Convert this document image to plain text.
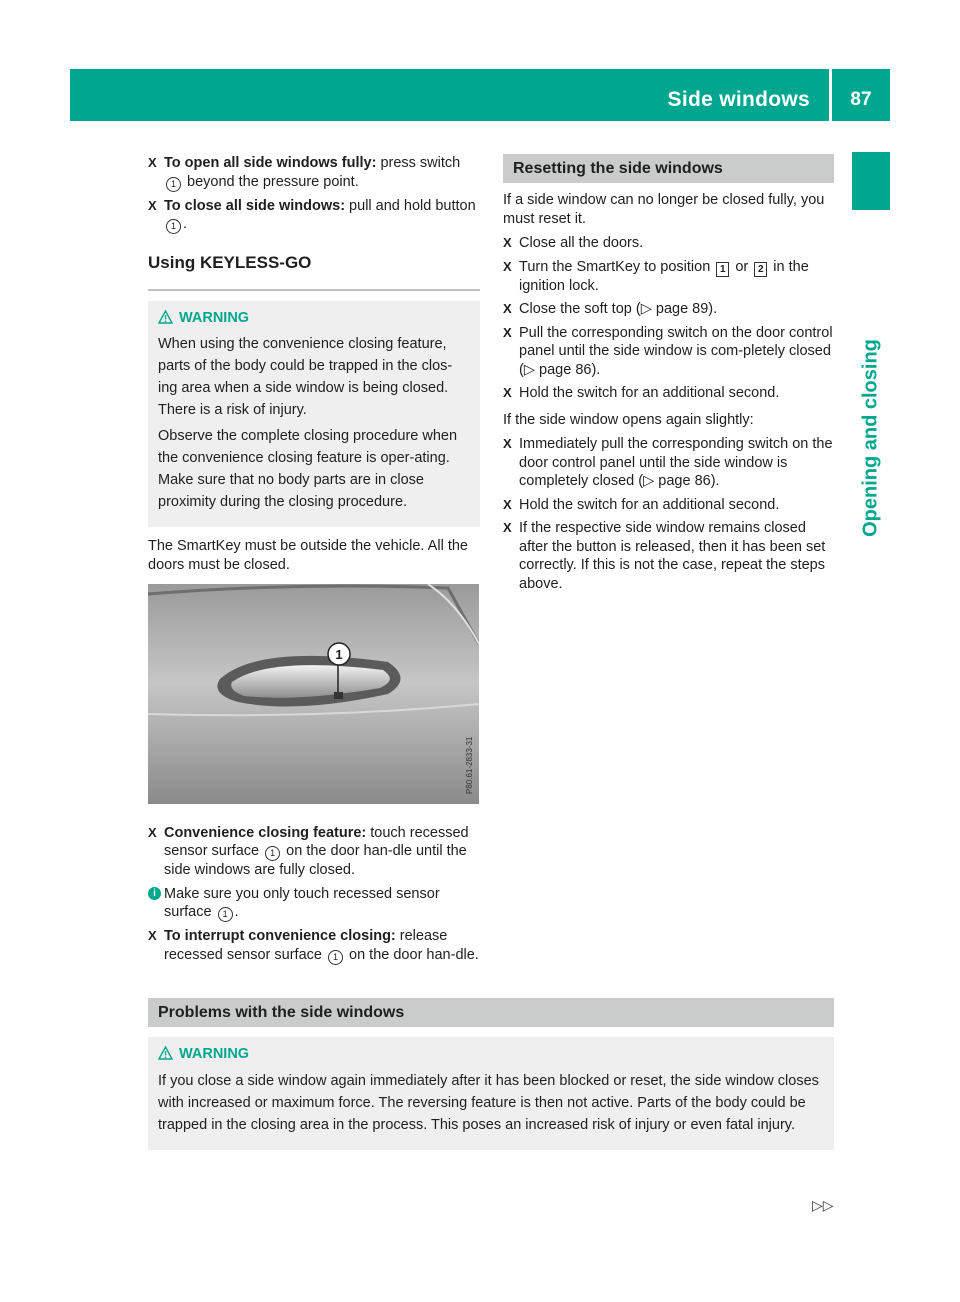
Side windows	87
Opening and closing
X To open all side windows fully: press switch 1 beyond the pressure point.
X To close all side windows: pull and hold button 1 .
Using KEYLESS-GO
WARNING

When using the convenience closing feature, parts of the body could be trapped in the clos-ing area when a side window is being closed. There is a risk of injury.

Observe the complete closing procedure when the convenience closing feature is oper-ating. Make sure that no body parts are in close proximity during the closing procedure.

The SmartKey must be outside the vehicle. All the doors must be closed.

1
P80.61-2833-31
X Convenience closing feature: touch recessed sensor surface 1 on the door han-dle until the side windows are fully closed.
i Make sure you only touch recessed sensor surface 1 .
X To interrupt convenience closing: release recessed sensor surface 1 on the door han-dle.
Resetting the side windows

If a side window can no longer be closed fully, you must reset it.

X Close all the doors.
X Turn the SmartKey to position 1 or 2 in the ignition lock.
X Close the soft top (▷ page 89).
X Pull the corresponding switch on the door control panel until the side window is com-pletely closed (▷ page 86).
X Hold the switch for an additional second.

If the side window opens again slightly:

X Immediately pull the corresponding switch on the door control panel until the side window is completely closed (▷ page 86).
X Hold the switch for an additional second.
X If the respective side window remains closed after the button is released, then it has been set correctly. If this is not the case, repeat the steps above.
Problems with the side windows
WARNING

If you close a side window again immediately after it has been blocked or reset, the side window closes with increased or maximum force. The reversing feature is then not active. Parts of the body could be trapped in the closing area in the process. This poses an increased risk of injury or even fatal injury.

▷▷
